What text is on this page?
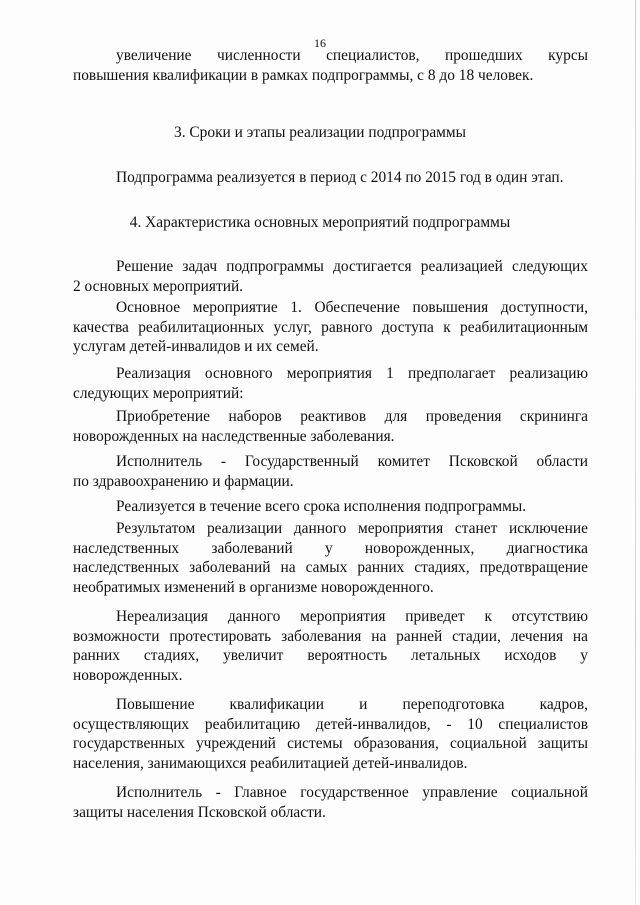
16
увеличение численности специалистов, прошедших курсы
повышения квалификации в рамках подпрограммы, с 8 до 18 человек.
3. Сроки и этапы реализации подпрограммы
Подпрограмма реализуется в период с 2014 по 2015 год в один этап.
4. Характеристика основных мероприятий подпрограммы
Решение задач подпрограммы достигается реализацией следующих
2 основных мероприятий.
Основное мероприятие 1. Обеспечение повышения доступности,
качества реабилитационных услуг, равного доступа к реабилитационным
услугам детей-инвалидов и их семей.
Реализация основного мероприятия 1 предполагает реализацию
следующих мероприятий:
Приобретение наборов реактивов для проведения скрининга
новорожденных на наследственные заболевания.
Исполнитель - Государственный комитет Псковской области
по здравоохранению и фармации.
Реализуется в течение всего срока исполнения подпрограммы.
Результатом реализации данного мероприятия станет исключение
наследственных заболеваний у новорожденных, диагностика
наследственных заболеваний на самых ранних стадиях, предотвращение
необратимых изменений в организме новорожденного.
Нереализация данного мероприятия приведет к отсутствию
возможности протестировать заболевания на ранней стадии, лечения на
ранних стадиях, увеличит вероятность летальных исходов у
новорожденных.
Повышение квалификации и переподготовка кадров,
осуществляющих реабилитацию детей-инвалидов, - 10 специалистов
государственных учреждений системы образования, социальной защиты
населения, занимающихся реабилитацией детей-инвалидов.
Исполнитель - Главное государственное управление социальной
защиты населения Псковской области.
